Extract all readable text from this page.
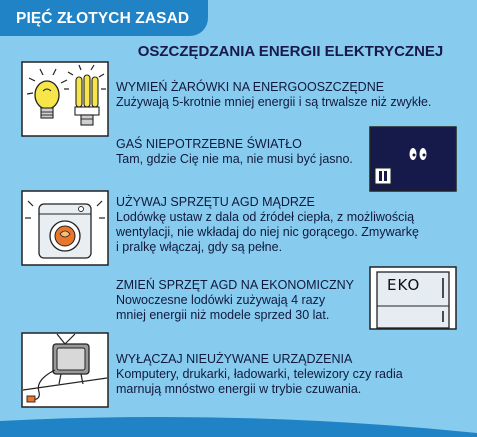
PIĘĆ ZŁOTYCH ZASAD
OSZCZĘDZANIA ENERGII ELEKTRYCZNEJ
WYMIEŃ ŻARÓWKI NA ENERGOOSZCZĘDNE
Zużywają 5-krotnie mniej energii i są trwalsze niż zwykłe.
GAŚ NIEPOTRZEBNE ŚWIATŁO
Tam, gdzie Cię nie ma, nie musi być jasno.
UŻYWAJ SPRZĘTU AGD MĄDRZE
Lodówkę ustaw z dala od źródeł ciepła, z możliwością
wentylacji, nie wkładaj do niej nic gorącego. Zmywarkę
i pralkę włączaj, gdy są pełne.
ZMIEŃ SPRZĘT AGD NA EKONOMICZNY
Nowoczesne lodówki zużywają 4 razy
mniej energii niż modele sprzed 30 lat.
EKO
WYŁĄCZAJ NIEUŻYWANE URZĄDZENIA
Komputery, drukarki, ładowarki, telewizory czy radia
marnują mnóstwo energii w trybie czuwania.
